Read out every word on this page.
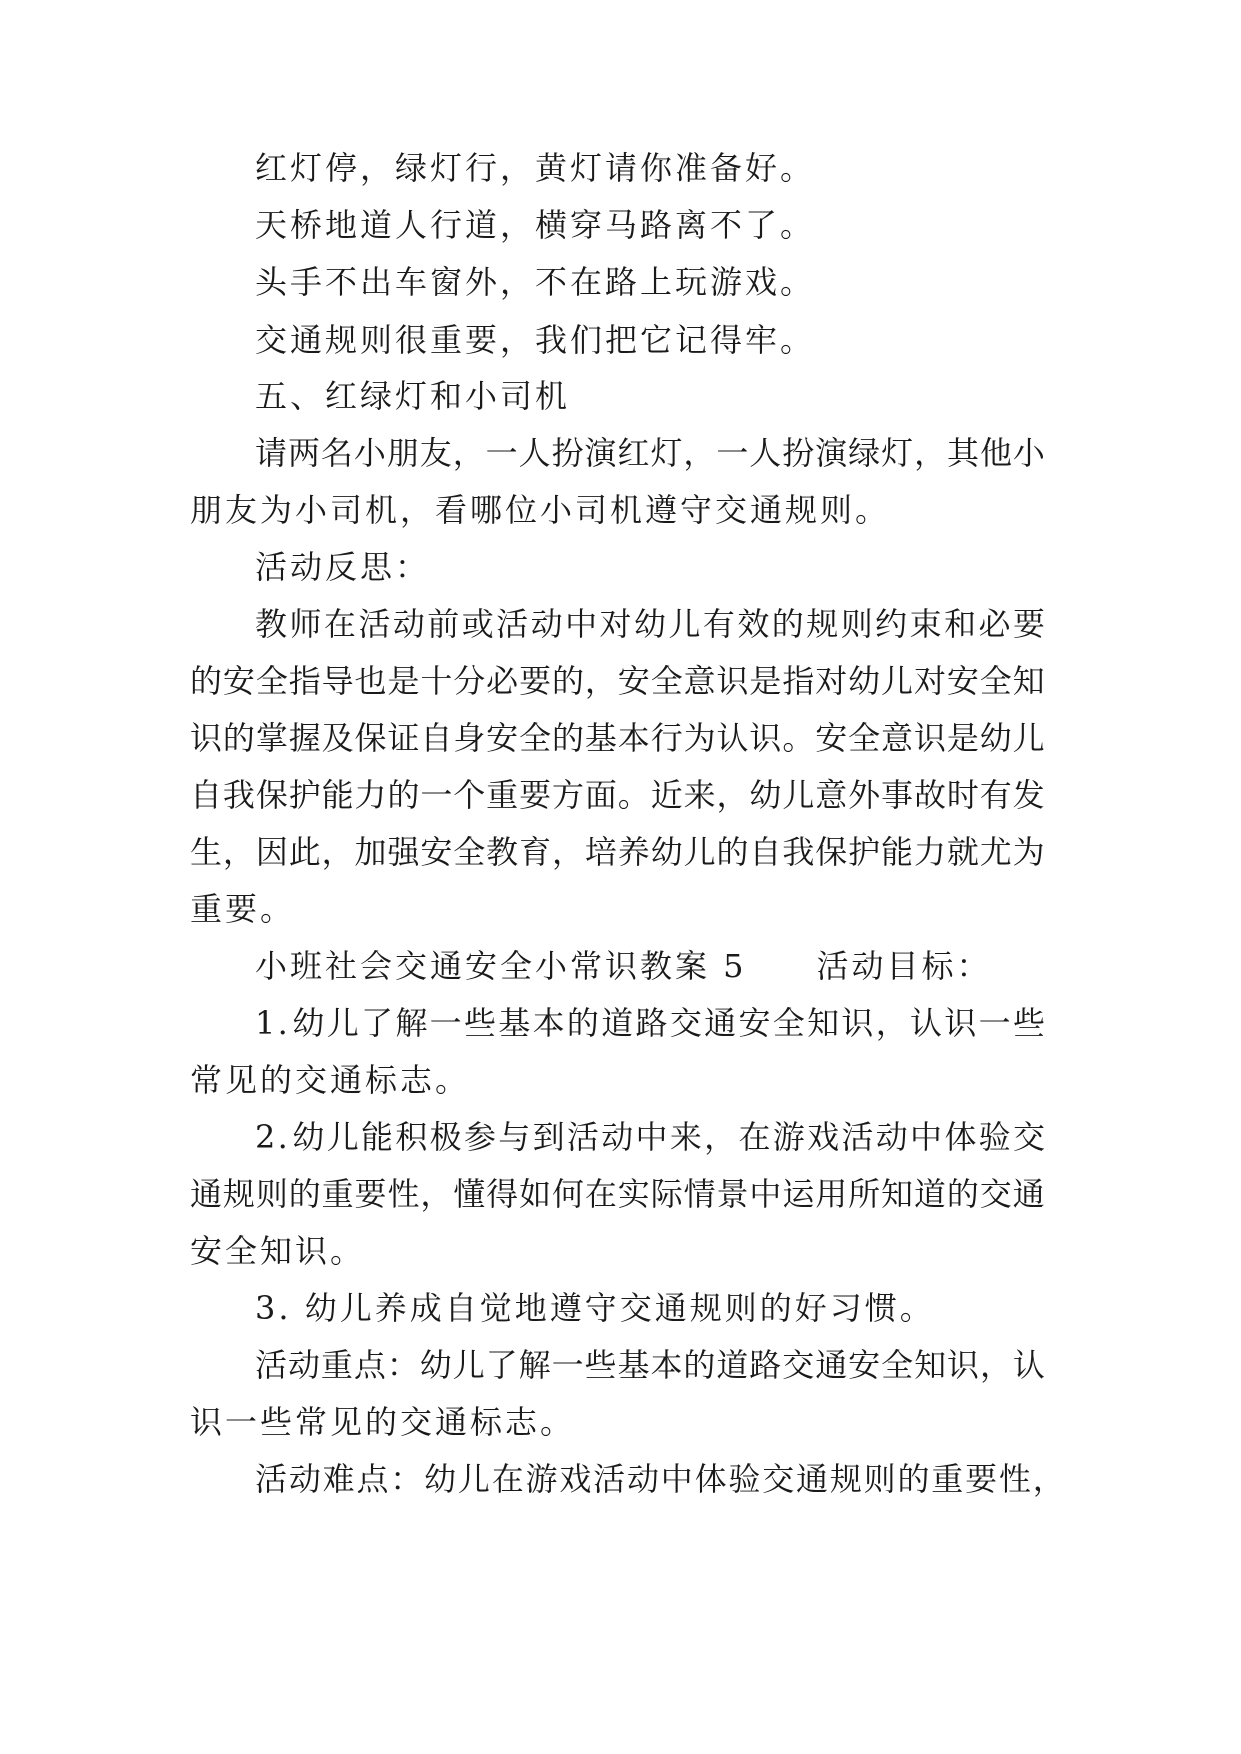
红灯停，绿灯行，黄灯请你准备好。
天桥地道人行道，横穿马路离不了。
头手不出车窗外，不在路上玩游戏。
交通规则很重要，我们把它记得牢。
五、红绿灯和小司机
请 两 名 小 朋 友 ， 一 人 扮 演 红 灯 ， 一 人 扮 演 绿 灯 ， 其 他 小
朋友为小司机，看哪位小司机遵守交通规则。
活动反思：
教 师 在 活 动 前 或 活 动 中 对 幼 儿 有 效 的 规 则 约 束 和 必 要
的 安 全 指 导 也 是 十 分 必 要 的 ， 安 全 意 识 是 指 对 幼 儿 对 安 全 知
识 的 掌 握 及 保 证 自 身 安 全 的 基 本 行 为 认 识 。 安 全 意 识 是 幼 儿
自 我 保 护 能 力 的 一 个 重 要 方 面 。 近 来 ， 幼 儿 意 外 事 故 时 有 发
生 ， 因 此 ， 加 强 安 全 教 育 ， 培 养 幼 儿 的 自 我 保 护 能 力 就 尤 为
重要。
小班社会交通安全小常识教案 5　　活动目标：
1 . 幼 儿 了 解 一 些 基 本 的 道 路 交 通 安 全 知 识 ， 认 识 一 些
常见的交通标志。
2 . 幼 儿 能 积 极 参 与 到 活 动 中 来 ， 在 游 戏 活 动 中 体 验 交
通 规 则 的 重 要 性 ， 懂 得 如 何 在 实 际 情 景 中 运 用 所 知 道 的 交 通
安全知识。
3. 幼儿养成自觉地遵守交通规则的好习惯。
活 动 重 点 ： 幼 儿 了 解 一 些 基 本 的 道 路 交 通 安 全 知 识 ， 认
识一些常见的交通标志。
活 动 难 点 ： 幼 儿 在 游 戏 活 动 中 体 验 交 通 规 则 的 重 要 性 ，
